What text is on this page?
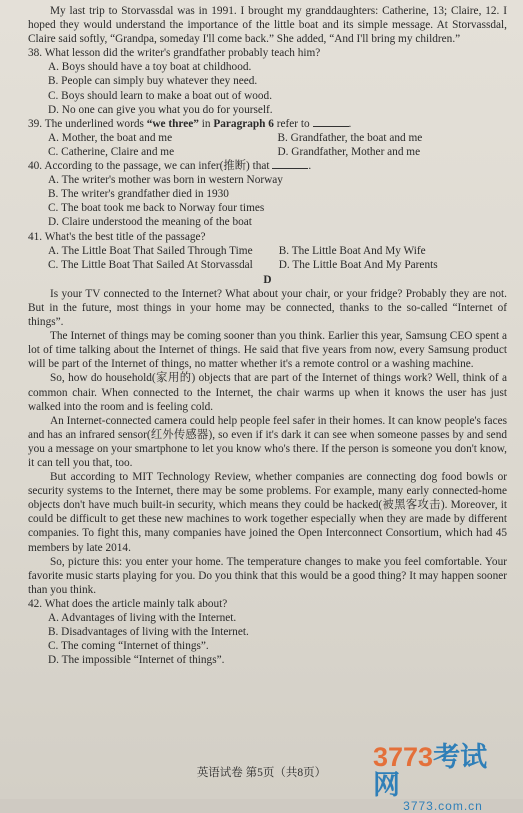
My last trip to Storvassdal was in 1991. I brought my granddaughters: Catherine, 13; Claire, 12. I hoped they would understand the importance of the little boat and its simple message. At Storvassdal, Claire said softly, “Grandpa, someday I'll come back.” She added, “And I'll bring my children.”

38. What lesson did the writer's grandfather probably teach him?

A. Boys should have a toy boat at childhood.

B. People can simply buy whatever they need.

C. Boys should learn to make a boat out of wood.

D. No one can give you what you do for yourself.

39. The underlined words “we three” in Paragraph 6 refer to	.

A. Mother, the boat and me	B. Grandfather, the boat and me
C. Catherine, Claire and me	D. Grandfather, Mother and me

40. According to the passage, we can infer(推断) that	.

A. The writer's mother was born in western Norway

B. The writer's grandfather died in 1930

C. The boat took me back to Norway four times

D. Claire understood the meaning of the boat

41. What's the best title of the passage?

A. The Little Boat That Sailed Through Time	B. The Little Boat And My Wife
C. The Little Boat That Sailed At Storvassdal	D. The Little Boat And My Parents

D

Is your TV connected to the Internet? What about your chair, or your fridge? Probably they are not. But in the future, most things in your home may be connected, thanks to the so-called “Internet of things”.

The Internet of things may be coming sooner than you think. Earlier this year, Samsung CEO spent a lot of time talking about the Internet of things. He said that five years from now, every Samsung product will be part of the Internet of things, no matter whether it's a remote control or a washing machine.

So, how do household(家用的) objects that are part of the Internet of things work? Well, think of a common chair. When connected to the Internet, the chair warms up when it knows the user has just walked into the room and is feeling cold.

An Internet-connected camera could help people feel safer in their homes. It can know people's faces and has an infrared sensor(红外传感器), so even if it's dark it can see when someone passes by and send you a message on your smartphone to let you know who's there. If the person is someone you don't know, it can tell you that, too.

But according to MIT Technology Review, whether companies are connecting dog food bowls or security systems to the Internet, there may be some problems. For example, many early connected-home objects don't have much built-in security, which means they could be hacked(被黑客攻击). Moreover, it could be difficult to get these new machines to work together especially when they are made by different companies. To fight this, many companies have joined the Open Interconnect Consortium, which had 45 members by late 2014.

So, picture this: you enter your home. The temperature changes to make you feel comfortable. Your favorite music starts playing for you. Do you think that this would be a good thing? It may happen sooner than you think.

42. What does the article mainly talk about?

A. Advantages of living with the Internet.

B. Disadvantages of living with the Internet.

C. The coming “Internet of things”.

D. The impossible “Internet of things”.

英语试卷 第5页（共8页）
3773考试网
3773.com.cn
